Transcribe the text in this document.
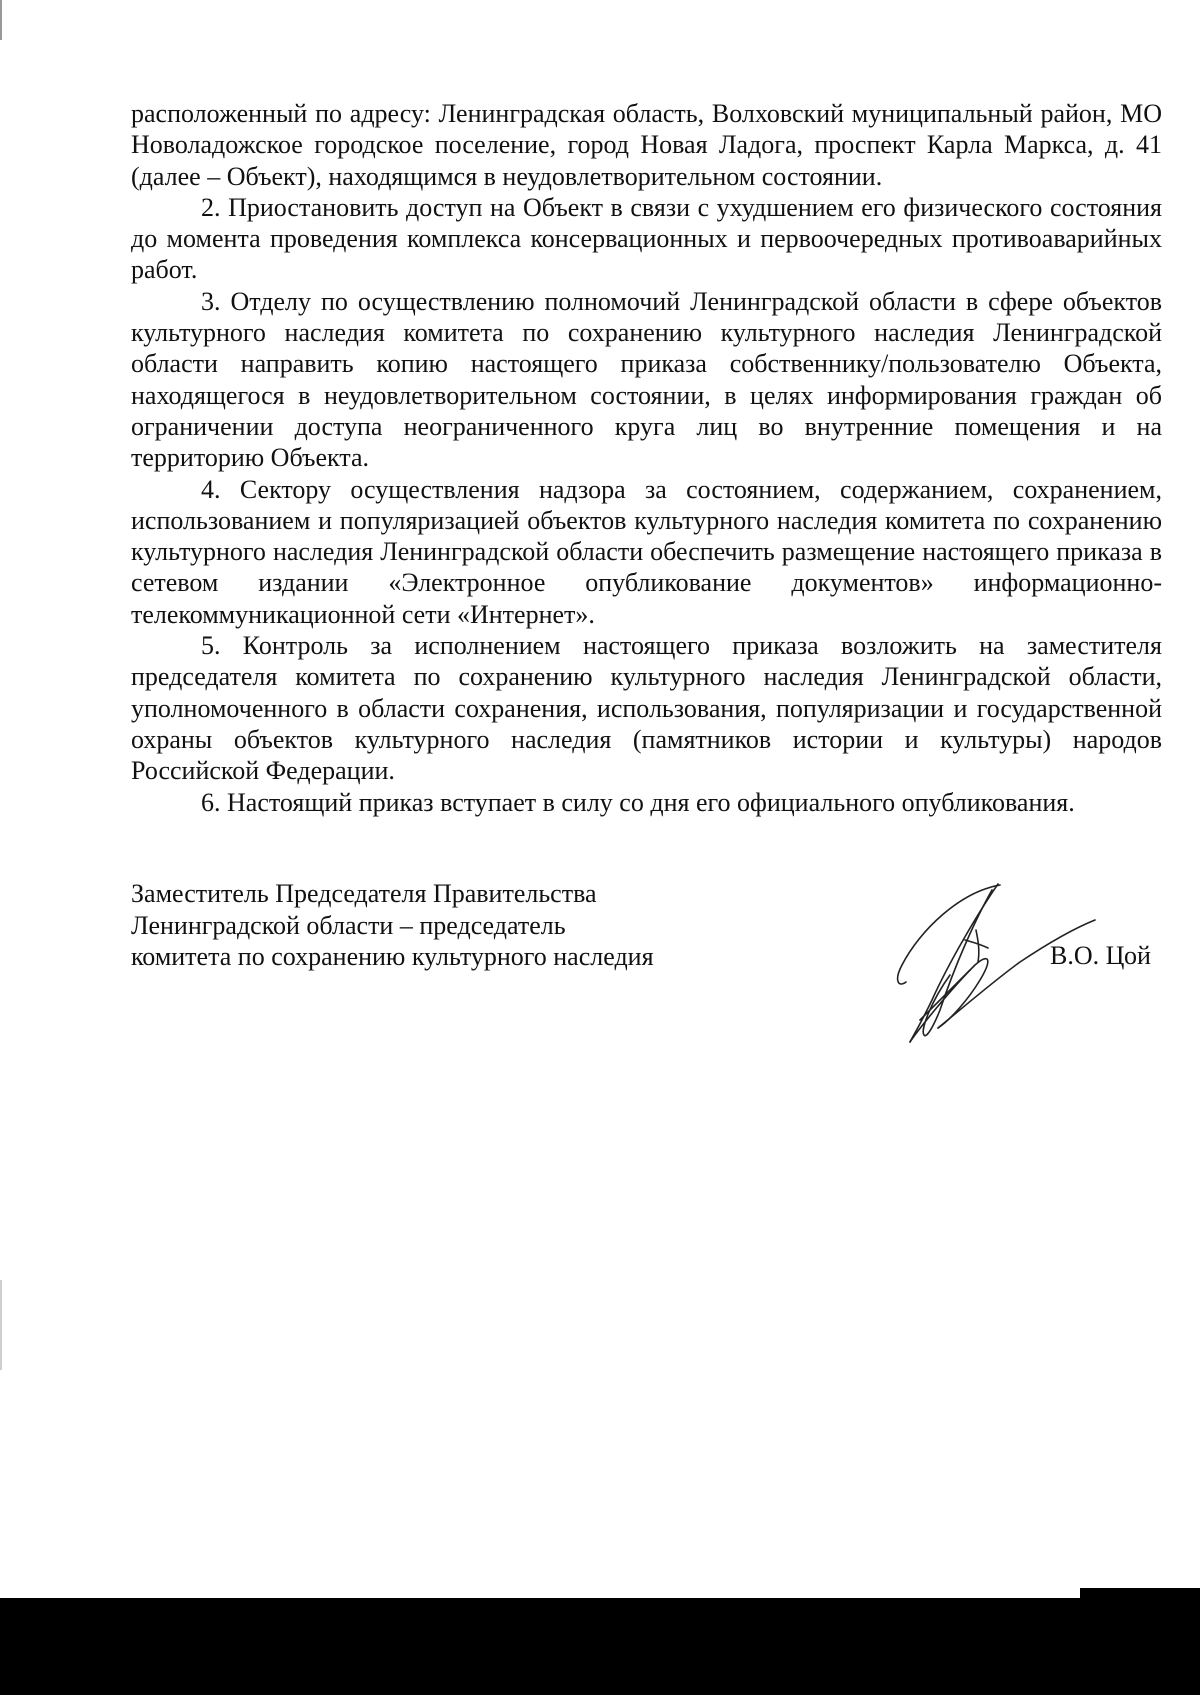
расположенный по адресу: Ленинградская область, Волховский муниципальный район, МО Новоладожское городское поселение, город Новая Ладога, проспект Карла Маркса, д. 41 (далее – Объект), находящимся в неудовлетворительном состоянии.

2. Приостановить доступ на Объект в связи с ухудшением его физического состояния до момента проведения комплекса консервационных и первоочередных противоаварийных работ.

3. Отделу по осуществлению полномочий Ленинградской области в сфере объектов культурного наследия комитета по сохранению культурного наследия Ленинградской области направить копию настоящего приказа собственнику/пользователю Объекта, находящегося в неудовлетворительном состоянии, в целях информирования граждан об ограничении доступа неограниченного круга лиц во внутренние помещения и на территорию Объекта.

4. Сектору осуществления надзора за состоянием, содержанием, сохранением, использованием и популяризацией объектов культурного наследия комитета по сохранению культурного наследия Ленинградской области обеспечить размещение настоящего приказа в сетевом издании «Электронное опубликование документов» информационно-телекоммуникационной сети «Интернет».

5. Контроль за исполнением настоящего приказа возложить на заместителя председателя комитета по сохранению культурного наследия Ленинградской области, уполномоченного в области сохранения, использования, популяризации и государственной охраны объектов культурного наследия (памятников истории и культуры) народов Российской Федерации.

6. Настоящий приказ вступает в силу со дня его официального опубликования.

Заместитель Председателя Правительства
Ленинградской области – председатель
комитета по сохранению культурного наследия	В.О. Цой
